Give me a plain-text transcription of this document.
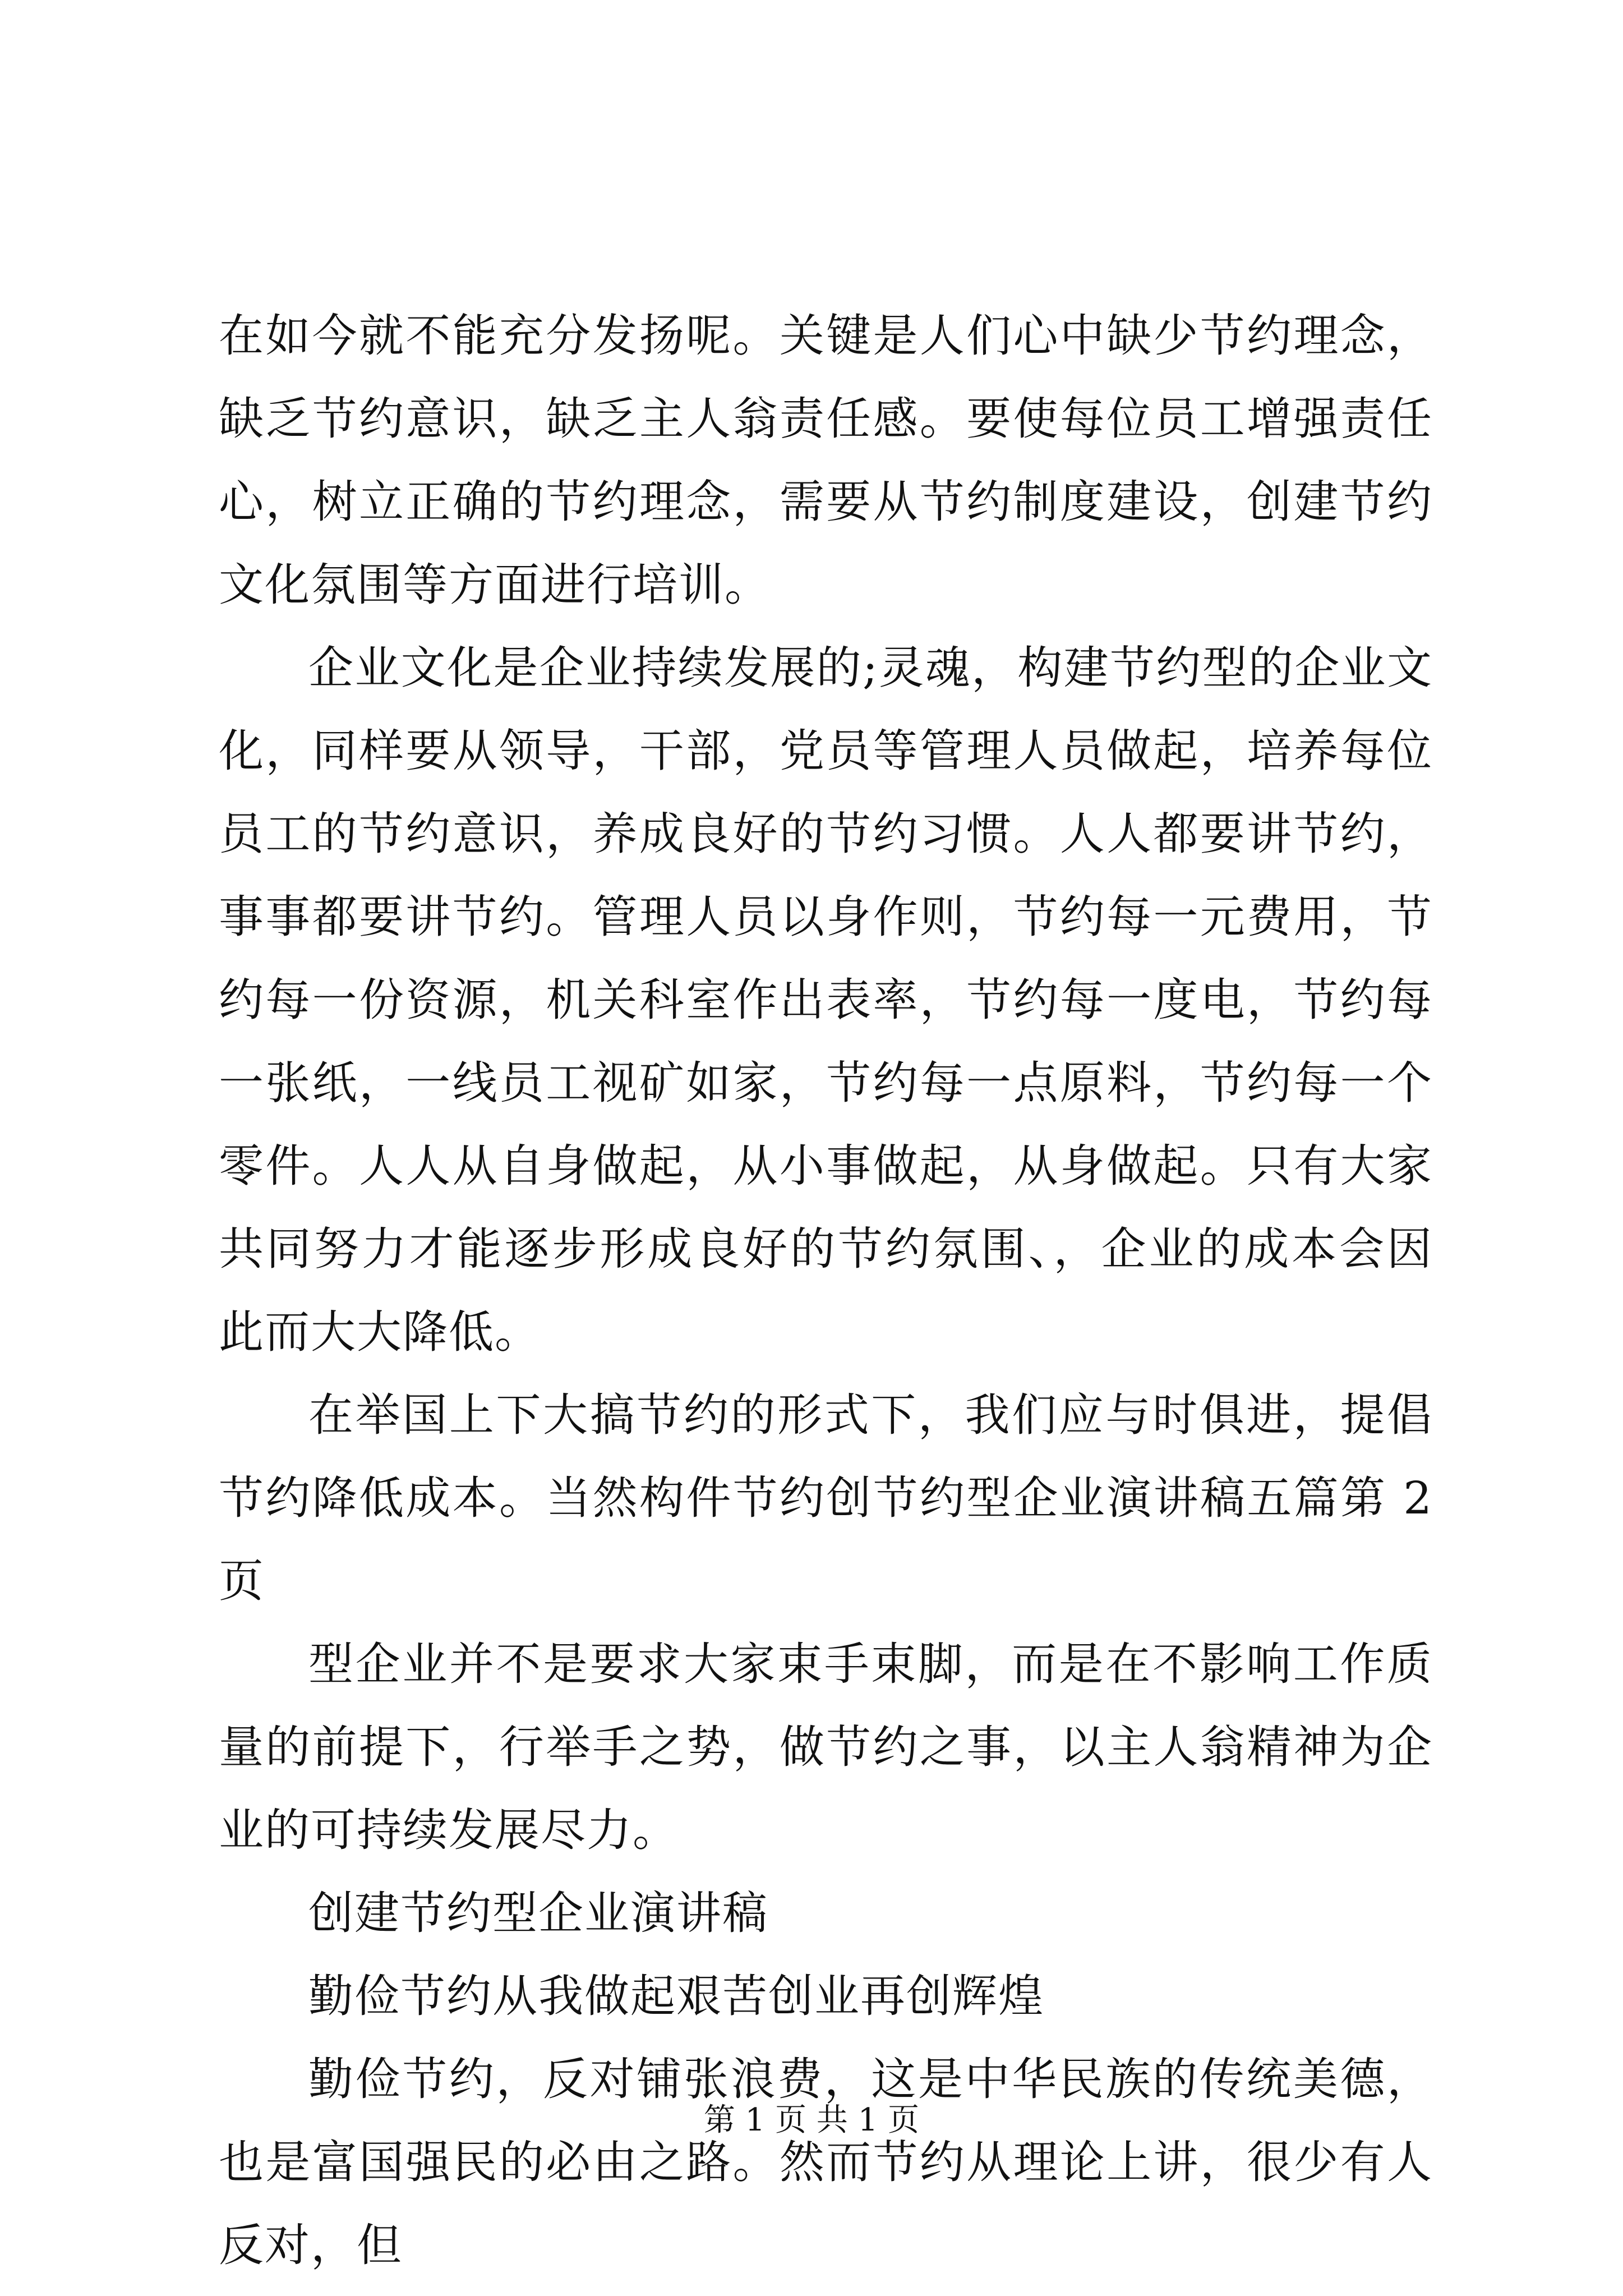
在如今就不能充分发扬呢。关键是人们心中缺少节约理念，缺乏节约意识，缺乏主人翁责任感。要使每位员工增强责任心，树立正确的节约理念，需要从节约制度建设，创建节约文化氛围等方面进行培训。

企业文化是企业持续发展的;灵魂，构建节约型的企业文化，同样要从领导，干部，党员等管理人员做起，培养每位员工的节约意识，养成良好的节约习惯。人人都要讲节约，事事都要讲节约。管理人员以身作则，节约每一元费用，节约每一份资源，机关科室作出表率，节约每一度电，节约每一张纸，一线员工视矿如家，节约每一点原料，节约每一个零件。人人从自身做起，从小事做起，从身做起。只有大家共同努力才能逐步形成良好的节约氛围、，企业的成本会因此而大大降低。

在举国上下大搞节约的形式下，我们应与时俱进，提倡节约降低成本。当然构件节约创节约型企业演讲稿五篇第 2 页

型企业并不是要求大家束手束脚，而是在不影响工作质量的前提下，行举手之势，做节约之事，以主人翁精神为企业的可持续发展尽力。

创建节约型企业演讲稿

勤俭节约从我做起艰苦创业再创辉煌

勤俭节约，反对铺张浪费，这是中华民族的传统美德，也是富国强民的必由之路。然而节约从理论上讲，很少有人反对，但

第 1 页 共 1 页
